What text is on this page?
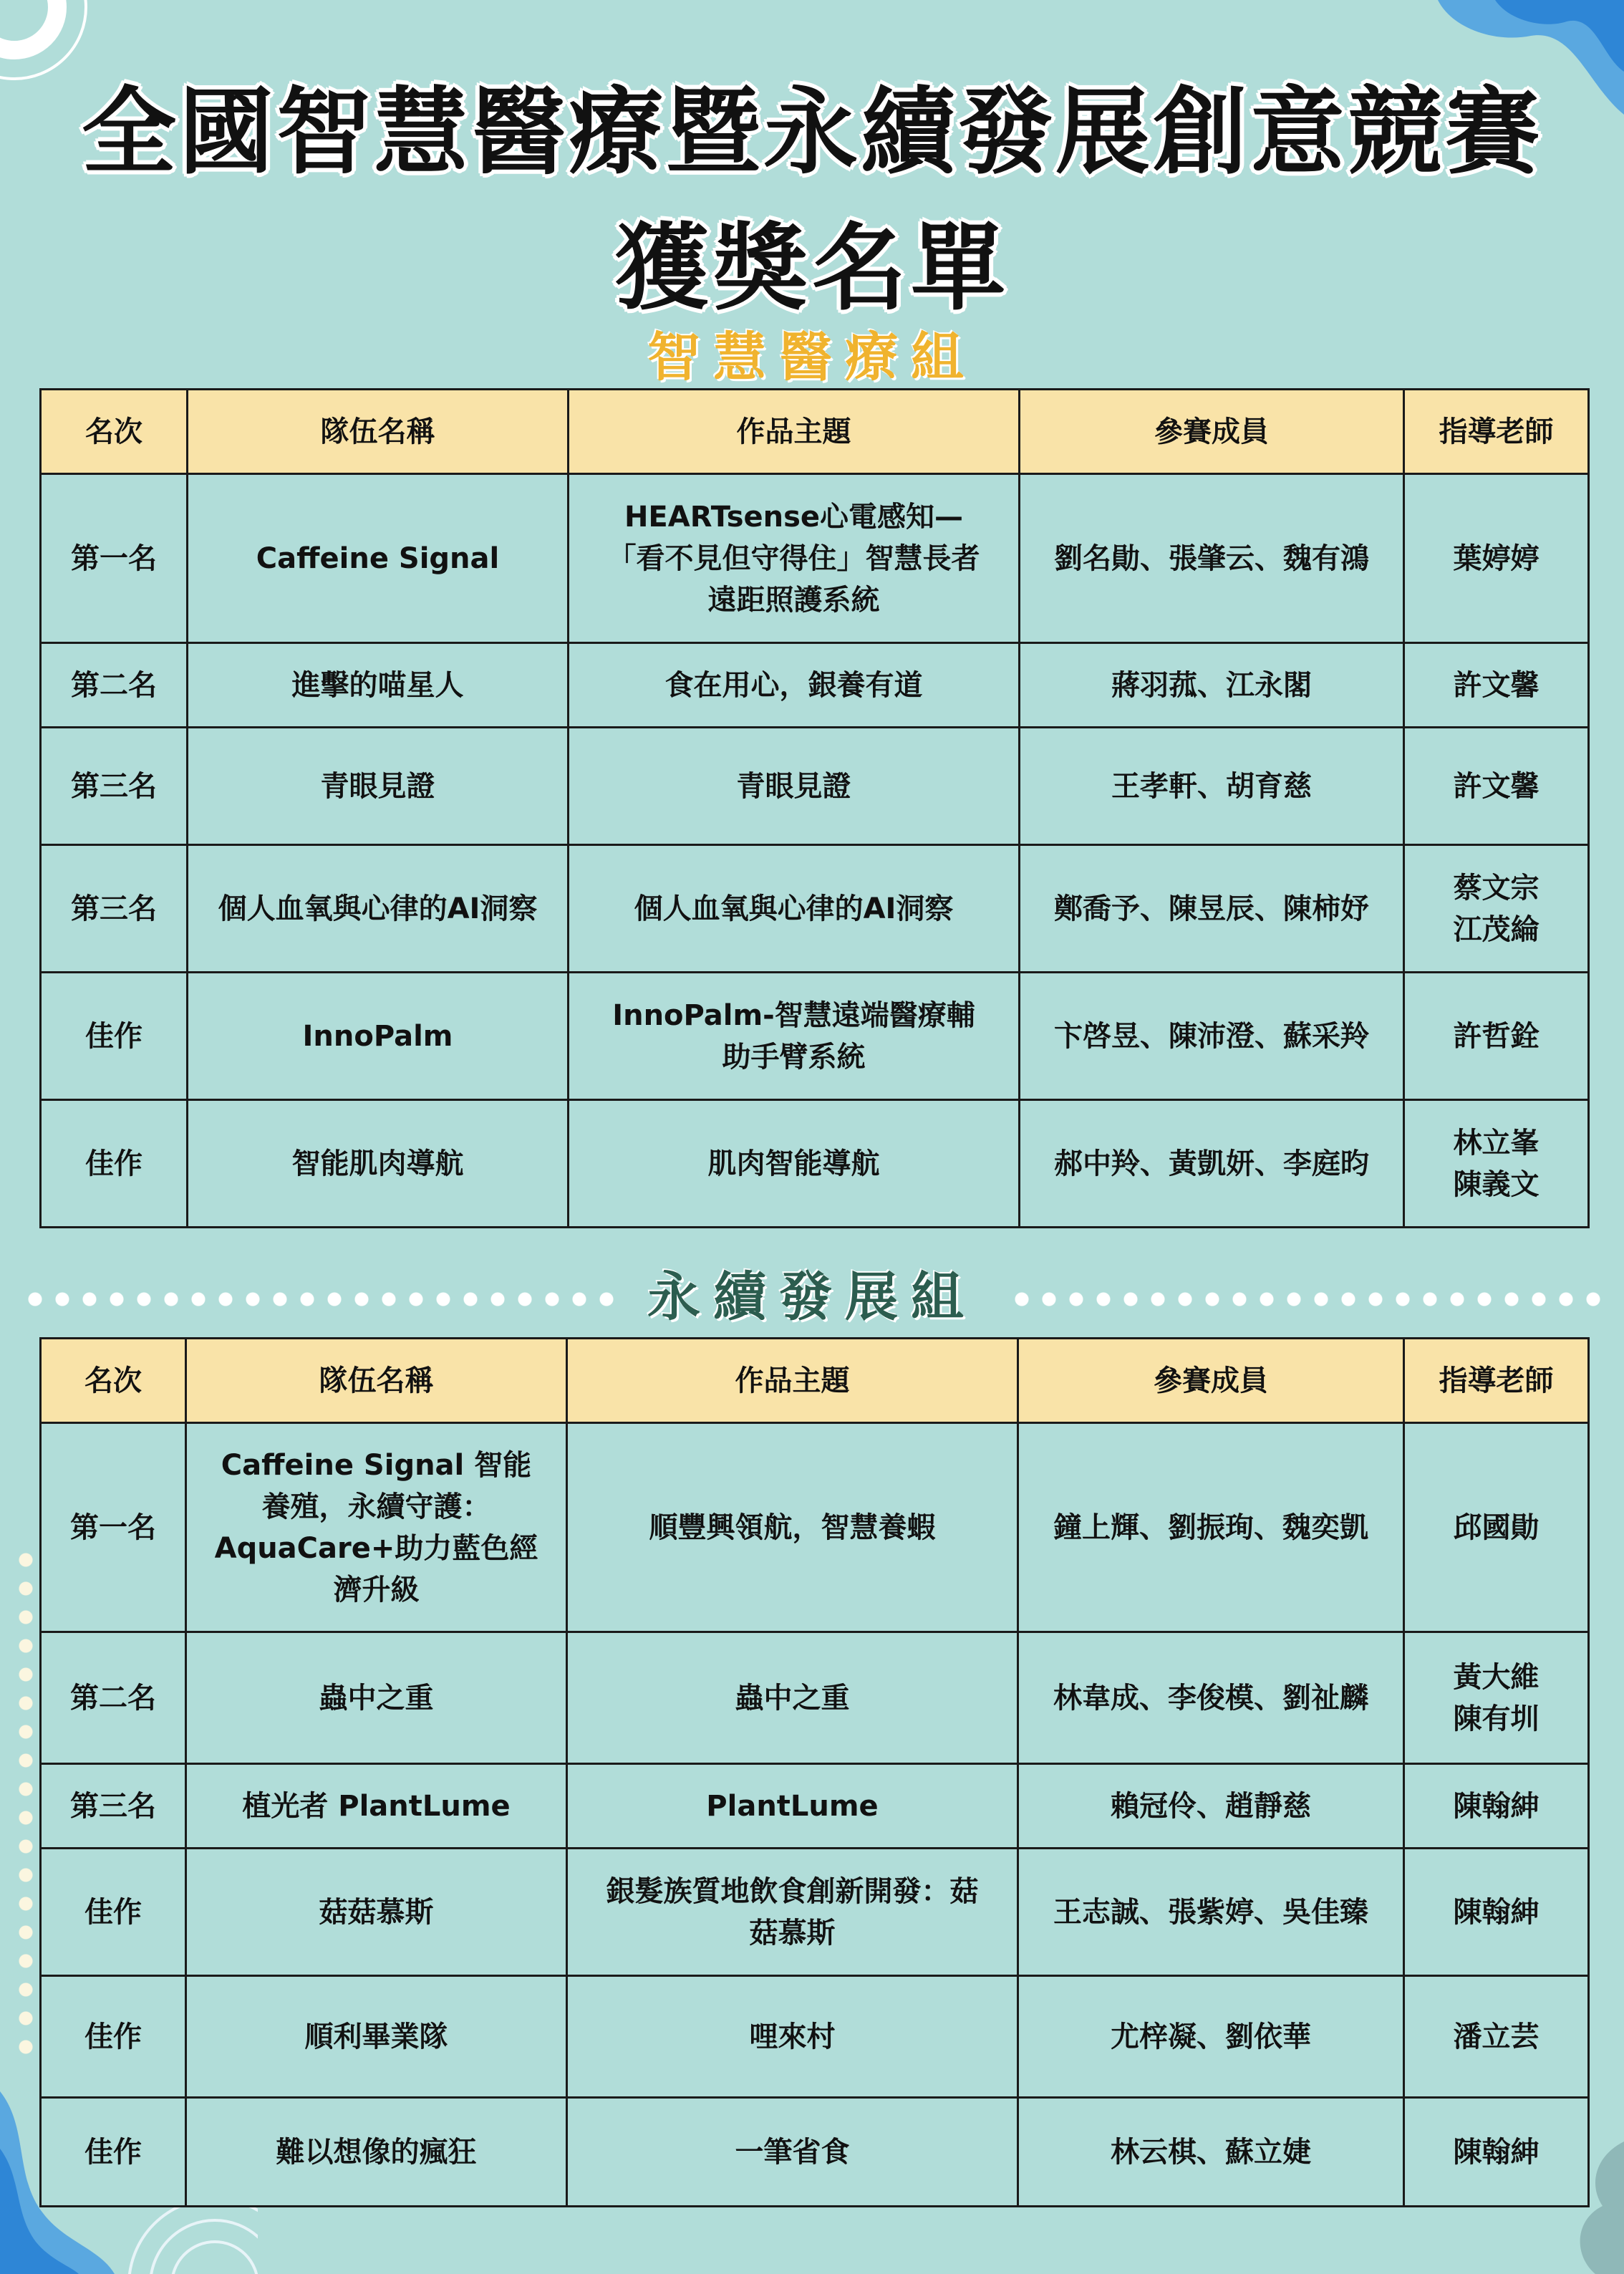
全國智慧醫療暨永續發展創意競賽
獲獎名單
智慧醫療組
名次	隊伍名稱	作品主題	參賽成員	指導老師
第一名	Caffeine Signal	HEARTsense心電感知—
「看不見但守得住」智慧長者
遠距照護系統	劉名勛、張肇云、魏有鴻	葉婷婷

第二名	進擊的喵星人	食在用心，銀養有道	蔣羽菰、江永閣	許文馨

第三名	青眼見證	青眼見證	王孝軒、胡育慈	許文馨

第三名	個人血氧與心律的AI洞察	個人血氧與心律的AI洞察	鄭喬予、陳昱辰、陳柿妤	蔡文宗
江茂綸

佳作	InnoPalm	InnoPalm-智慧遠端醫療輔
助手臂系統	卞啓昱、陳沛澄、蘇采羚	許哲銓

佳作	智能肌肉導航	肌肉智能導航	郝中羚、黃凱妍、李庭昀	林立峯
陳義文
永續發展組
名次	隊伍名稱	作品主題	參賽成員	指導老師
第一名	Caffeine Signal 智能
養殖，永續守護：
AquaCare+助力藍色經
濟升級	順豐興領航，智慧養蝦	鐘上輝、劉振珣、魏奕凱	邱國勛

第二名	蟲中之重	蟲中之重	林韋成、李俊模、劉祉麟	黃大維
陳有圳

第三名	植光者 PlantLume	PlantLume	賴冠伶、趙靜慈	陳翰紳

佳作	菇菇慕斯	銀髮族質地飲食創新開發：菇
菇慕斯	王志誠、張紫婷、吳佳臻	陳翰紳

佳作	順利畢業隊	哩來村	尤梓凝、劉依華	潘立芸

佳作	難以想像的瘋狂	一筆省食	林云棋、蘇立婕	陳翰紳
